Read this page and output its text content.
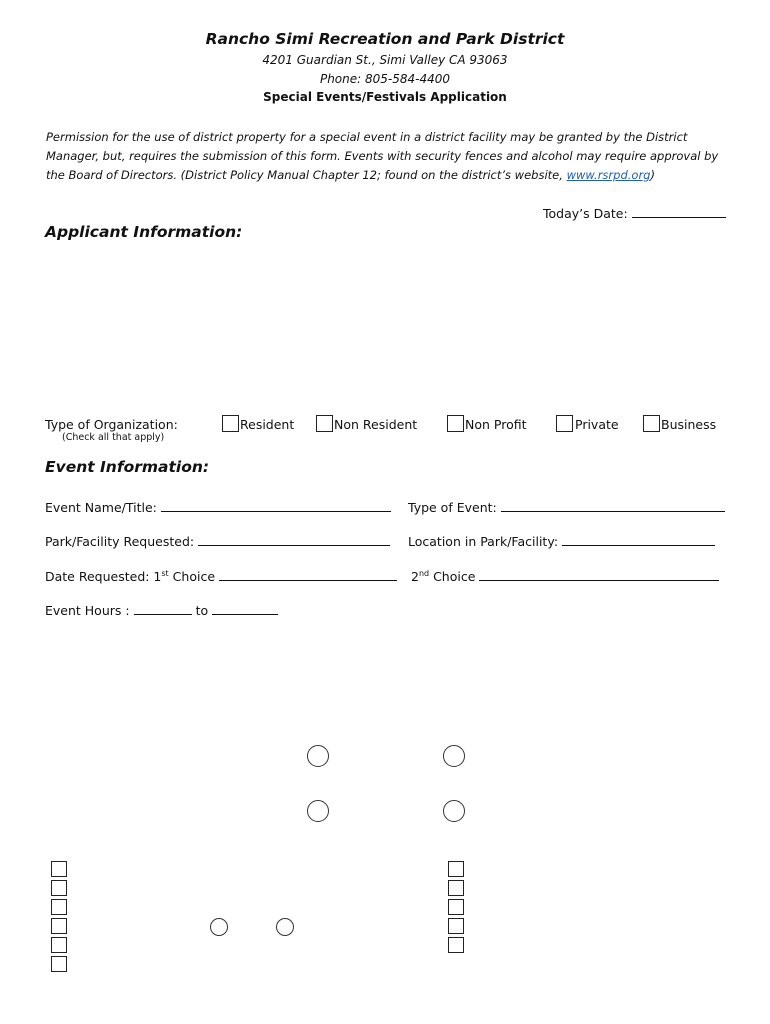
Rancho Simi Recreation and Park District
4201 Guardian St., Simi Valley CA 93063
Phone: 805-584-4400
Special Events/Festivals Application
Permission for the use of district property for a special event in a district facility may be granted by the District Manager, but, requires the submission of this form. Events with security fences and alcohol may require approval by the Board of Directors. (District Policy Manual Chapter 12; found on the district’s website, www.rsrpd.org)
Today’s Date:
Applicant Information:
Type of Organization:
(Check all that apply)
Resident	Non Resident	Non Profit	Private	Business
Event Information:
Event Name/Title:	Type of Event:
Park/Facility Requested:	Location in Park/Facility:
Date Requested: 1st Choice	2nd Choice
Event Hours :	to
